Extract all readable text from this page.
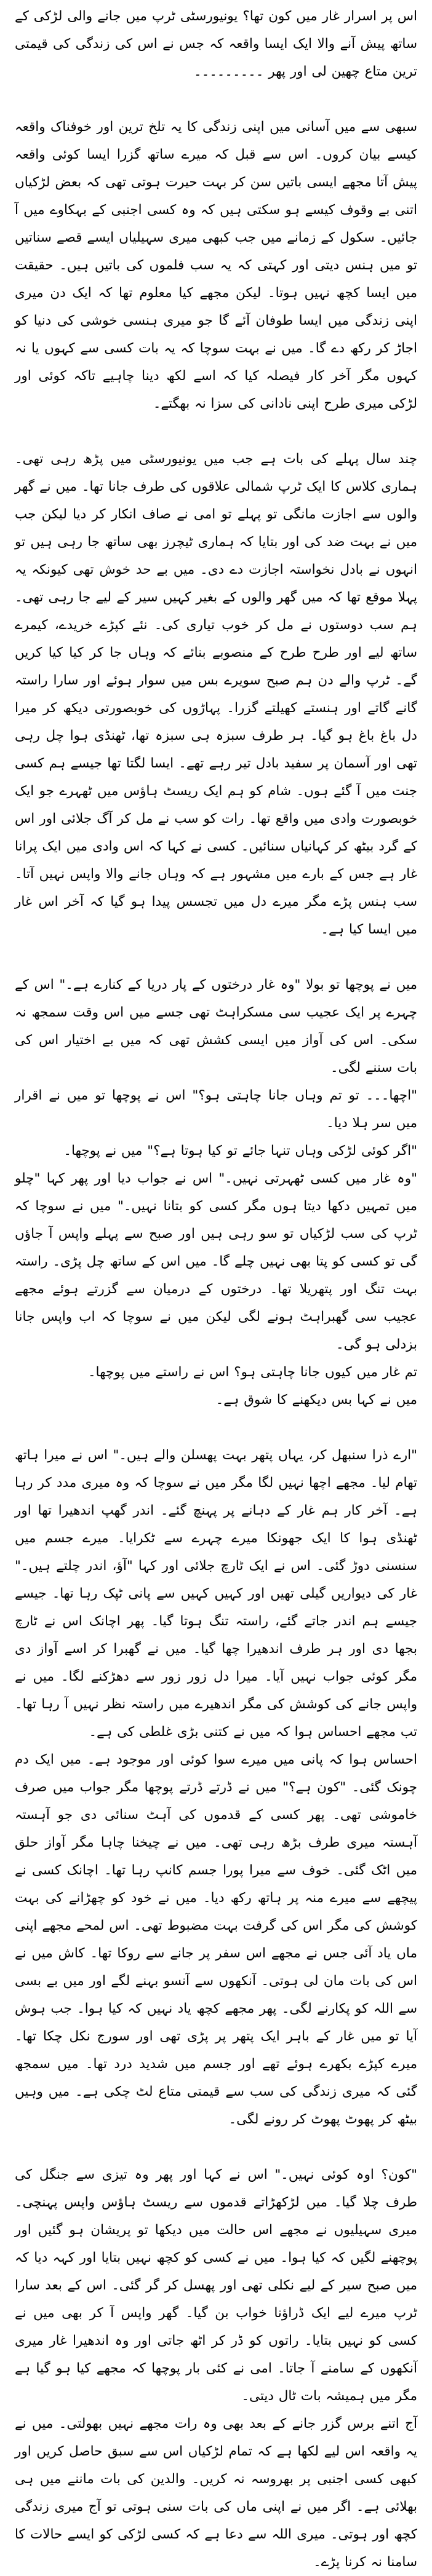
اس پر اسرار غار میں کون تھا؟ یونیورسٹی ٹرپ میں جانے والی لڑکی کے ساتھ پیش آنے والا ایک ایسا واقعہ کہ جس نے اس کی زندگی کی قیمتی ترین متاع چھین لی اور پھر ۔۔۔۔۔۔۔۔۔

سبھی سے میں آسانی میں اپنی زندگی کا یہ تلخ ترین اور خوفناک واقعہ کیسے بیان کروں۔ اس سے قبل کہ میرے ساتھ گزرا ایسا کوئی واقعہ پیش آتا مجھے ایسی باتیں سن کر بہت حیرت ہوتی تھی کہ بعض لڑکیاں اتنی بے وقوف کیسے ہو سکتی ہیں کہ وہ کسی اجنبی کے بہکاوے میں آ جائیں۔ سکول کے زمانے میں جب کبھی میری سہیلیاں ایسے قصے سناتیں تو میں ہنس دیتی اور کہتی کہ یہ سب فلموں کی باتیں ہیں۔ حقیقت میں ایسا کچھ نہیں ہوتا۔ لیکن مجھے کیا معلوم تھا کہ ایک دن میری اپنی زندگی میں ایسا طوفان آئے گا جو میری ہنسی خوشی کی دنیا کو اجاڑ کر رکھ دے گا۔ میں نے بہت سوچا کہ یہ بات کسی سے کہوں یا نہ کہوں مگر آخر کار فیصلہ کیا کہ اسے لکھ دینا چاہیے تاکہ کوئی اور لڑکی میری طرح اپنی نادانی کی سزا نہ بھگتے۔

چند سال پہلے کی بات ہے جب میں یونیورسٹی میں پڑھ رہی تھی۔ ہماری کلاس کا ایک ٹرپ شمالی علاقوں کی طرف جانا تھا۔ میں نے گھر والوں سے اجازت مانگی تو پہلے تو امی نے صاف انکار کر دیا لیکن جب میں نے بہت ضد کی اور بتایا کہ ہماری ٹیچرز بھی ساتھ جا رہی ہیں تو انہوں نے بادل نخواستہ اجازت دے دی۔ میں بے حد خوش تھی کیونکہ یہ پہلا موقع تھا کہ میں گھر والوں کے بغیر کہیں سیر کے لیے جا رہی تھی۔ ہم سب دوستوں نے مل کر خوب تیاری کی۔ نئے کپڑے خریدے، کیمرے ساتھ لیے اور طرح طرح کے منصوبے بنائے کہ وہاں جا کر کیا کیا کریں گے۔ ٹرپ والے دن ہم صبح سویرے بس میں سوار ہوئے اور سارا راستہ گانے گاتے اور ہنستے کھیلتے گزرا۔ پہاڑوں کی خوبصورتی دیکھ کر میرا دل باغ باغ ہو گیا۔ ہر طرف سبزہ ہی سبزہ تھا، ٹھنڈی ہوا چل رہی تھی اور آسمان پر سفید بادل تیر رہے تھے۔ ایسا لگتا تھا جیسے ہم کسی جنت میں آ گئے ہوں۔ شام کو ہم ایک ریسٹ ہاؤس میں ٹھہرے جو ایک خوبصورت وادی میں واقع تھا۔ رات کو سب نے مل کر آگ جلائی اور اس کے گرد بیٹھ کر کہانیاں سنائیں۔ کسی نے کہا کہ اس وادی میں ایک پرانا غار ہے جس کے بارے میں مشہور ہے کہ وہاں جانے والا واپس نہیں آتا۔ سب ہنس پڑے مگر میرے دل میں تجسس پیدا ہو گیا کہ آخر اس غار میں ایسا کیا ہے۔

میں نے پوچھا تو بولا "وہ غار درختوں کے پار دریا کے کنارے ہے۔" اس کے چہرے پر ایک عجیب سی مسکراہٹ تھی جسے میں اس وقت سمجھ نہ سکی۔ اس کی آواز میں ایسی کشش تھی کہ میں بے اختیار اس کی بات سننے لگی۔

"اچھا۔۔۔ تو تم وہاں جانا چاہتی ہو؟" اس نے پوچھا تو میں نے اقرار میں سر ہلا دیا۔

"اگر کوئی لڑکی وہاں تنہا جائے تو کیا ہوتا ہے؟" میں نے پوچھا۔

"وہ غار میں کسی ٹھہرتی نہیں۔" اس نے جواب دیا اور پھر کہا "چلو میں تمہیں دکھا دیتا ہوں مگر کسی کو بتانا نہیں۔" میں نے سوچا کہ ٹرپ کی سب لڑکیاں تو سو رہی ہیں اور صبح سے پہلے واپس آ جاؤں گی تو کسی کو پتا بھی نہیں چلے گا۔ میں اس کے ساتھ چل پڑی۔ راستہ بہت تنگ اور پتھریلا تھا۔ درختوں کے درمیان سے گزرتے ہوئے مجھے عجیب سی گھبراہٹ ہونے لگی لیکن میں نے سوچا کہ اب واپس جانا بزدلی ہو گی۔

تم غار میں کیوں جانا چاہتی ہو؟ اس نے راستے میں پوچھا۔

میں نے کہا بس دیکھنے کا شوق ہے۔

"ارے ذرا سنبھل کر، یہاں پتھر بہت پھسلن والے ہیں۔" اس نے میرا ہاتھ تھام لیا۔ مجھے اچھا نہیں لگا مگر میں نے سوچا کہ وہ میری مدد کر رہا ہے۔ آخر کار ہم غار کے دہانے پر پہنچ گئے۔ اندر گھپ اندھیرا تھا اور ٹھنڈی ہوا کا ایک جھونکا میرے چہرے سے ٹکرایا۔ میرے جسم میں سنسنی دوڑ گئی۔ اس نے ایک ٹارچ جلائی اور کہا "آؤ، اندر چلتے ہیں۔" غار کی دیواریں گیلی تھیں اور کہیں کہیں سے پانی ٹپک رہا تھا۔ جیسے جیسے ہم اندر جاتے گئے، راستہ تنگ ہوتا گیا۔ پھر اچانک اس نے ٹارچ بجھا دی اور ہر طرف اندھیرا چھا گیا۔ میں نے گھبرا کر اسے آواز دی مگر کوئی جواب نہیں آیا۔ میرا دل زور زور سے دھڑکنے لگا۔ میں نے واپس جانے کی کوشش کی مگر اندھیرے میں راستہ نظر نہیں آ رہا تھا۔ تب مجھے احساس ہوا کہ میں نے کتنی بڑی غلطی کی ہے۔

احساس ہوا کہ پانی میں میرے سوا کوئی اور موجود ہے۔ میں ایک دم چونک گئی۔ "کون ہے؟" میں نے ڈرتے ڈرتے پوچھا مگر جواب میں صرف خاموشی تھی۔ پھر کسی کے قدموں کی آہٹ سنائی دی جو آہستہ آہستہ میری طرف بڑھ رہی تھی۔ میں نے چیخنا چاہا مگر آواز حلق میں اٹک گئی۔ خوف سے میرا پورا جسم کانپ رہا تھا۔ اچانک کسی نے پیچھے سے میرے منہ پر ہاتھ رکھ دیا۔ میں نے خود کو چھڑانے کی بہت کوشش کی مگر اس کی گرفت بہت مضبوط تھی۔ اس لمحے مجھے اپنی ماں یاد آئی جس نے مجھے اس سفر پر جانے سے روکا تھا۔ کاش میں نے اس کی بات مان لی ہوتی۔ آنکھوں سے آنسو بہنے لگے اور میں بے بسی سے اللہ کو پکارنے لگی۔ پھر مجھے کچھ یاد نہیں کہ کیا ہوا۔ جب ہوش آیا تو میں غار کے باہر ایک پتھر پر پڑی تھی اور سورج نکل چکا تھا۔ میرے کپڑے بکھرے ہوئے تھے اور جسم میں شدید درد تھا۔ میں سمجھ گئی کہ میری زندگی کی سب سے قیمتی متاع لٹ چکی ہے۔ میں وہیں بیٹھ کر پھوٹ پھوٹ کر رونے لگی۔

"کون؟ اوہ کوئی نہیں۔" اس نے کہا اور پھر وہ تیزی سے جنگل کی طرف چلا گیا۔ میں لڑکھڑاتے قدموں سے ریسٹ ہاؤس واپس پہنچی۔ میری سہیلیوں نے مجھے اس حالت میں دیکھا تو پریشان ہو گئیں اور پوچھنے لگیں کہ کیا ہوا۔ میں نے کسی کو کچھ نہیں بتایا اور کہہ دیا کہ میں صبح سیر کے لیے نکلی تھی اور پھسل کر گر گئی۔ اس کے بعد سارا ٹرپ میرے لیے ایک ڈراؤنا خواب بن گیا۔ گھر واپس آ کر بھی میں نے کسی کو نہیں بتایا۔ راتوں کو ڈر کر اٹھ جاتی اور وہ اندھیرا غار میری آنکھوں کے سامنے آ جاتا۔ امی نے کئی بار پوچھا کہ مجھے کیا ہو گیا ہے مگر میں ہمیشہ بات ٹال دیتی۔

آج اتنے برس گزر جانے کے بعد بھی وہ رات مجھے نہیں بھولتی۔ میں نے یہ واقعہ اس لیے لکھا ہے کہ تمام لڑکیاں اس سے سبق حاصل کریں اور کبھی کسی اجنبی پر بھروسہ نہ کریں۔ والدین کی بات ماننے میں ہی بھلائی ہے۔ اگر میں نے اپنی ماں کی بات سنی ہوتی تو آج میری زندگی کچھ اور ہوتی۔ میری اللہ سے دعا ہے کہ کسی لڑکی کو ایسے حالات کا سامنا نہ کرنا پڑے۔
